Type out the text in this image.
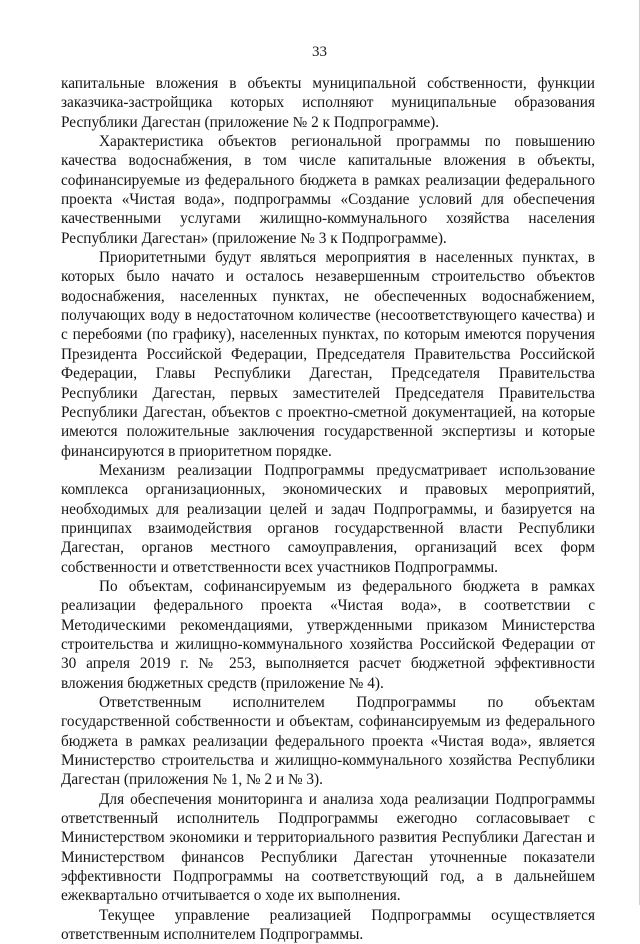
33

капитальные вложения в объекты муниципальной собственности, функции заказчика-застройщика которых исполняют муниципальные образования Республики Дагестан (приложение № 2 к Подпрограмме).

Характеристика объектов региональной программы по повышению качества водоснабжения, в том числе капитальные вложения в объекты, софинансируемые из федерального бюджета в рамках реализации федерального проекта «Чистая вода», подпрограммы «Создание условий для обеспечения качественными услугами жилищно-коммунального хозяйства населения Республики Дагестан» (приложение № 3 к Подпрограмме).

Приоритетными будут являться мероприятия в населенных пунктах, в которых было начато и осталось незавершенным строительство объектов водоснабжения, населенных пунктах, не обеспеченных водоснабжением, получающих воду в недостаточном количестве (несоответствующего качества) и с перебоями (по графику), населенных пунктах, по которым имеются поручения Президента Российской Федерации, Председателя Правительства Российской Федерации, Главы Республики Дагестан, Председателя Правительства Республики Дагестан, первых заместителей Председателя Правительства Республики Дагестан, объектов с проектно-сметной документацией, на которые имеются положительные заключения государственной экспертизы и которые финансируются в приоритетном порядке.

Механизм реализации Подпрограммы предусматривает использование комплекса организационных, экономических и правовых мероприятий, необходимых для реализации целей и задач Подпрограммы, и базируется на принципах взаимодействия органов государственной власти Республики Дагестан, органов местного самоуправления, организаций всех форм собственности и ответственности всех участников Подпрограммы.

По объектам, софинансируемым из федерального бюджета в рамках реализации федерального проекта «Чистая вода», в соответствии с Методическими рекомендациями, утвержденными приказом Министерства строительства и жилищно-коммунального хозяйства Российской Федерации от 30 апреля 2019 г. № 253, выполняется расчет бюджетной эффективности вложения бюджетных средств (приложение № 4).

Ответственным исполнителем Подпрограммы по объектам государственной собственности и объектам, софинансируемым из федерального бюджета в рамках реализации федерального проекта «Чистая вода», является Министерство строительства и жилищно-коммунального хозяйства Республики Дагестан (приложения № 1, № 2 и № 3).

Для обеспечения мониторинга и анализа хода реализации Подпрограммы ответственный исполнитель Подпрограммы ежегодно согласовывает с Министерством экономики и территориального развития Республики Дагестан и Министерством финансов Республики Дагестан уточненные показатели эффективности Подпрограммы на соответствующий год, а в дальнейшем ежеквартально отчитывается о ходе их выполнения.

Текущее управление реализацией Подпрограммы осуществляется ответственным исполнителем Подпрограммы.
